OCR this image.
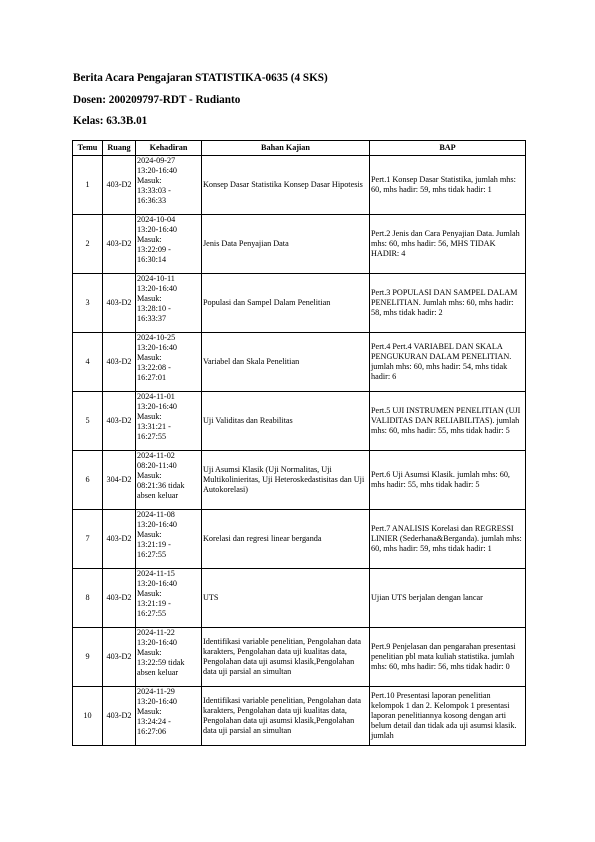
Berita Acara Pengajaran STATISTIKA-0635 (4 SKS)
Dosen: 200209797-RDT - Rudianto
Kelas: 63.3B.01
Temu	Ruang	Kehadiran	Bahan Kajian	BAP
1	403-D2	2024-09-27
13:20-16:40
Masuk:
13:33:03 -
16:36:33	Konsep Dasar Statistika Konsep Dasar Hipotesis	Pert.1 Konsep Dasar Statistika, jumlah mhs: 60, mhs hadir: 59, mhs tidak hadir: 1
2	403-D2	2024-10-04
13:20-16:40
Masuk:
13:22:09 -
16:30:14	Jenis Data Penyajian Data	Pert.2 Jenis dan Cara Penyajian Data. Jumlah mhs: 60, mhs hadir: 56, MHS TIDAK HADIR: 4
3	403-D2	2024-10-11
13:20-16:40
Masuk:
13:28:10 -
16:33:37	Populasi dan Sampel Dalam Penelitian	Pert.3 POPULASI DAN SAMPEL DALAM PENELITIAN. Jumlah mhs: 60, mhs hadir: 58, mhs tidak hadir: 2
4	403-D2	2024-10-25
13:20-16:40
Masuk:
13:22:08 -
16:27:01	Variabel dan Skala Penelitian	Pert.4 Pert.4 VARIABEL DAN SKALA PENGUKURAN DALAM PENELITIAN. jumlah mhs: 60, mhs hadir: 54, mhs tidak hadir: 6
5	403-D2	2024-11-01
13:20-16:40
Masuk:
13:31:21 -
16:27:55	Uji Validitas dan Reabilitas	Pert.5 UJI INSTRUMEN PENELITIAN (UJI VALIDITAS DAN RELIABILITAS). jumlah mhs: 60, mhs hadir: 55, mhs tidak hadir: 5
6	304-D2	2024-11-02
08:20-11:40
Masuk:
08:21:36 tidak
absen keluar	Uji Asumsi Klasik (Uji Normalitas, Uji Multikolinieritas, Uji Heteroskedastisitas dan Uji Autokorelasi)	Pert.6 Uji Asumsi Klasik. jumlah mhs: 60, mhs hadir: 55, mhs tidak hadir: 5
7	403-D2	2024-11-08
13:20-16:40
Masuk:
13:21:19 -
16:27:55	Korelasi dan regresi linear berganda	Pert.7 ANALISIS Korelasi dan REGRESSI LINIER (Sederhana&Berganda). jumlah mhs: 60, mhs hadir: 59, mhs tidak hadir: 1
8	403-D2	2024-11-15
13:20-16:40
Masuk:
13:21:19 -
16:27:55	UTS	Ujian UTS berjalan dengan lancar
9	403-D2	2024-11-22
13:20-16:40
Masuk:
13:22:59 tidak
absen keluar	Identifikasi variable penelitian, Pengolahan data karakters, Pengolahan data uji kualitas data, Pengolahan data uji asumsi klasik,Pengolahan data uji parsial an simultan	Pert.9 Penjelasan dan pengarahan presentasi penelitian pbl mata kuliah statistika. jumlah mhs: 60, mhs hadir: 56, mhs tidak hadir: 0
10	403-D2	2024-11-29
13:20-16:40
Masuk:
13:24:24 -
16:27:06	Identifikasi variable penelitian, Pengolahan data karakters, Pengolahan data uji kualitas data, Pengolahan data uji asumsi klasik,Pengolahan data uji parsial an simultan	Pert.10 Presentasi laporan penelitian kelompok 1 dan 2. Kelompok 1 presentasi laporan penelitiannya kosong dengan arti belum detail dan tidak ada uji asumsi klasik. jumlah
